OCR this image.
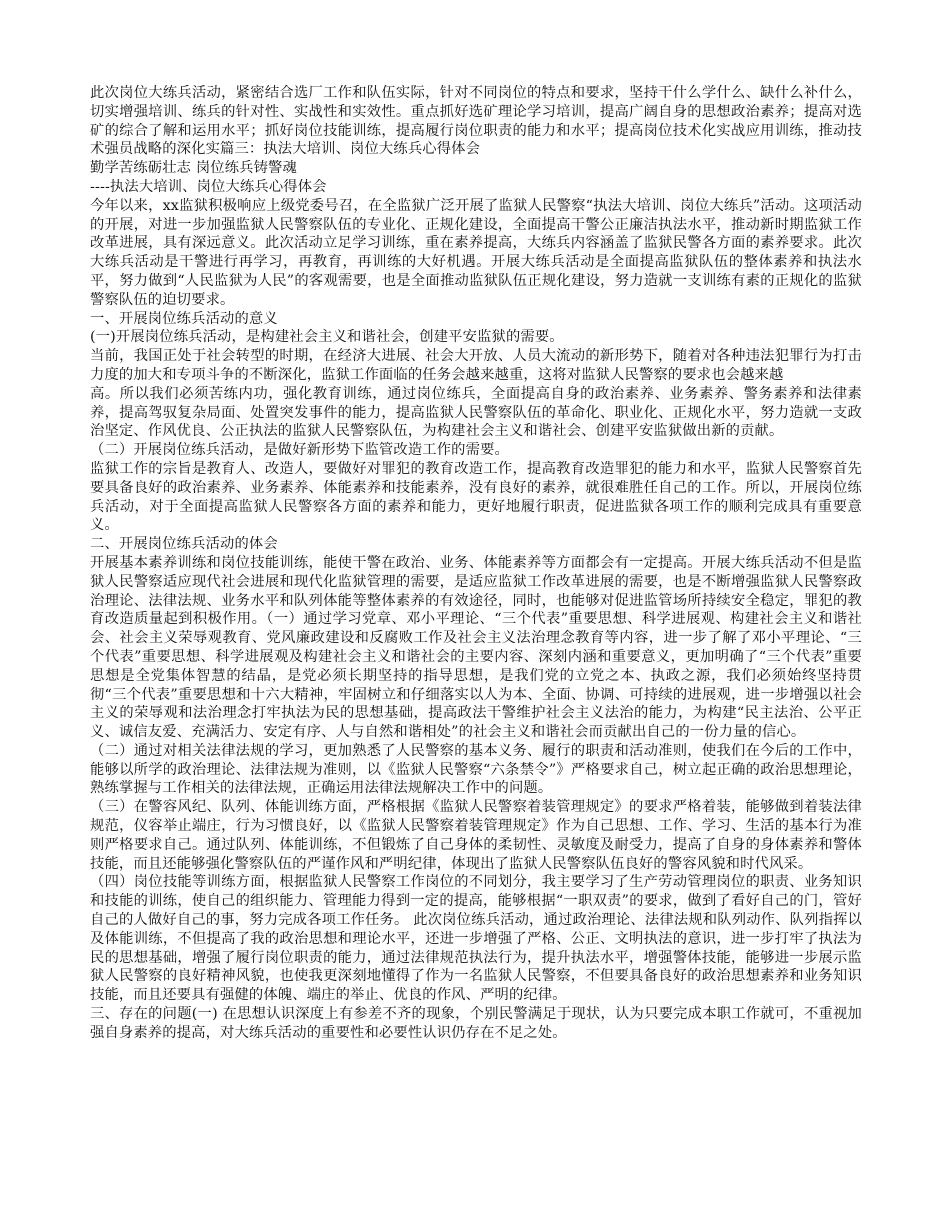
此次岗位大练兵活动，紧密结合选厂工作和队伍实际，针对不同岗位的特点和要求，坚持干什么学什么、缺什么补什么，切实增强培训、练兵的针对性、实战性和实效性。重点抓好选矿理论学习培训，提高广阔自身的思想政治素养；提高对选矿的综合了解和运用水平；抓好岗位技能训练，提高履行岗位职责的能力和水平；提高岗位技术化实战应用训练，推动技术强员战略的深化实篇三：执法大培训、岗位大练兵心得体会

勤学苦练砺壮志 岗位练兵铸警魂

----执法大培训、岗位大练兵心得体会

今年以来，xx监狱积极响应上级党委号召，在全监狱广泛开展了监狱人民警察“执法大培训、岗位大练兵”活动。这项活动的开展，对进一步加强监狱人民警察队伍的专业化、正规化建设，全面提高干警公正廉洁执法水平，推动新时期监狱工作改革进展，具有深远意义。此次活动立足学习训练，重在素养提高，大练兵内容涵盖了监狱民警各方面的素养要求。此次大练兵活动是干警进行再学习，再教育，再训练的大好机遇。开展大练兵活动是全面提高监狱队伍的整体素养和执法水平，努力做到“人民监狱为人民”的客观需要，也是全面推动监狱队伍正规化建设，努力造就一支训练有素的正规化的监狱警察队伍的迫切要求。

一、开展岗位练兵活动的意义

(一)开展岗位练兵活动，是构建社会主义和谐社会，创建平安监狱的需要。

当前，我国正处于社会转型的时期，在经济大进展、社会大开放、人员大流动的新形势下，随着对各种违法犯罪行为打击力度的加大和专项斗争的不断深化，监狱工作面临的任务会越来越重，这将对监狱人民警察的要求也会越来越

高。所以我们必须苦练内功，强化教育训练，通过岗位练兵，全面提高自身的政治素养、业务素养、警务素养和法律素养，提高驾驭复杂局面、处置突发事件的能力，提高监狱人民警察队伍的革命化、职业化、正规化水平，努力造就一支政治坚定、作风优良、公正执法的监狱人民警察队伍，为构建社会主义和谐社会、创建平安监狱做出新的贡献。

（二）开展岗位练兵活动，是做好新形势下监管改造工作的需要。

监狱工作的宗旨是教育人、改造人，要做好对罪犯的教育改造工作，提高教育改造罪犯的能力和水平，监狱人民警察首先要具备良好的政治素养、业务素养、体能素养和技能素养，没有良好的素养，就很难胜任自己的工作。所以，开展岗位练兵活动，对于全面提高监狱人民警察各方面的素养和能力，更好地履行职责，促进监狱各项工作的顺利完成具有重要意义。

二、开展岗位练兵活动的体会

开展基本素养训练和岗位技能训练，能使干警在政治、业务、体能素养等方面都会有一定提高。开展大练兵活动不但是监狱人民警察适应现代社会进展和现代化监狱管理的需要，是适应监狱工作改革进展的需要，也是不断增强监狱人民警察政治理论、法律法规、业务水平和队列体能等整体素养的有效途径，同时，也能够对促进监管场所持续安全稳定，罪犯的教育改造质量起到积极作用。（一）通过学习党章、邓小平理论、“三个代表”重要思想、科学进展观、构建社会主义和谐社会、社会主义荣辱观教育、党风廉政建设和反腐败工作及社会主义法治理念教育等内容，进一步了解了邓小平理论、“三个代表”重要思想、科学进展观及构建社会主义和谐社会的主要内容、深刻内涵和重要意义，更加明确了“三个代表”重要思想是全党集体智慧的结晶，是党必须长期坚持的指导思想，是我们党的立党之本、执政之源，我们必须始终坚持贯彻“三个代表”重要思想和十六大精神，牢固树立和仔细落实以人为本、全面、协调、可持续的进展观，进一步增强以社会主义的荣辱观和法治理念打牢执法为民的思想基础，提高政法干警维护社会主义法治的能力，为构建“民主法治、公平正义、诚信友爱、充满活力、安定有序、人与自然和谐相处”的社会主义和谐社会而贡献出自己的一份力量的信心。

（二）通过对相关法律法规的学习，更加熟悉了人民警察的基本义务、履行的职责和活动准则，使我们在今后的工作中，能够以所学的政治理论、法律法规为准则，以《监狱人民警察“六条禁令”》严格要求自己，树立起正确的政治思想理论，熟练掌握与工作相关的法律法规，正确运用法律法规解决工作中的问题。

（三）在警容风纪、队列、体能训练方面，严格根据《监狱人民警察着装管理规定》的要求严格着装，能够做到着装法律规范，仪容举止端庄，行为习惯良好，以《监狱人民警察着装管理规定》作为自己思想、工作、学习、生活的基本行为准则严格要求自己。通过队列、体能训练，不但锻炼了自己身体的柔韧性、灵敏度及耐受力，提高了自身的身体素养和警体技能，而且还能够强化警察队伍的严谨作风和严明纪律，体现出了监狱人民警察队伍良好的警容风貌和时代风采。

（四）岗位技能等训练方面，根据监狱人民警察工作岗位的不同划分，我主要学习了生产劳动管理岗位的职责、业务知识和技能的训练，使自己的组织能力、管理能力得到一定的提高，能够根据“一职双责”的要求，做到了看好自己的门，管好自己的人做好自己的事，努力完成各项工作任务。 此次岗位练兵活动，通过政治理论、法律法规和队列动作、队列指挥以及体能训练，不但提高了我的政治思想和理论水平，还进一步增强了严格、公正、文明执法的意识，进一步打牢了执法为民的思想基础，增强了履行岗位职责的能力，通过法律规范执法行为，提升执法水平，增强警体技能，能够进一步展示监狱人民警察的良好精神风貌，也使我更深刻地懂得了作为一名监狱人民警察，不但要具备良好的政治思想素养和业务知识技能，而且还要具有强健的体魄、端庄的举止、优良的作风、严明的纪律。

三、存在的问题(一) 在思想认识深度上有参差不齐的现象，个别民警满足于现状，认为只要完成本职工作就可，不重视加强自身素养的提高，对大练兵活动的重要性和必要性认识仍存在不足之处。
